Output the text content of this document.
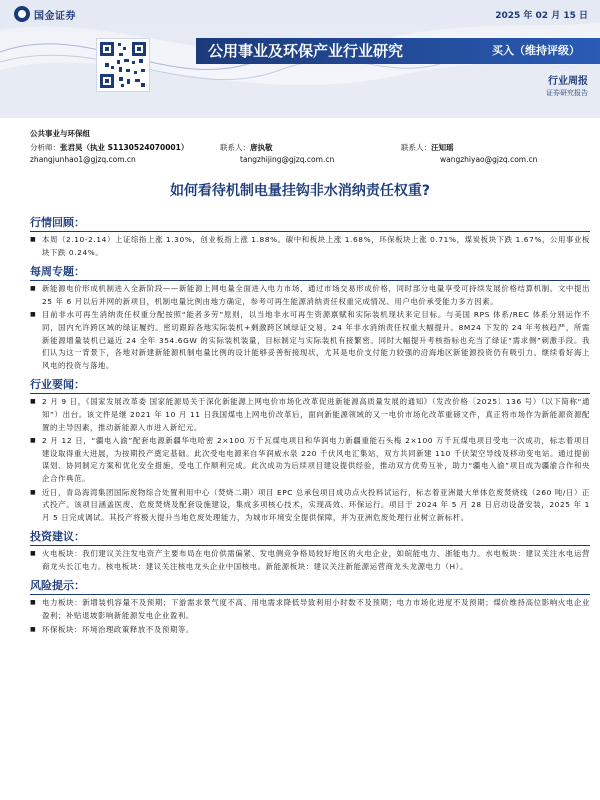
国金证券	2025 年 02 月 15 日
公用事业及环保产业行业研究	买入（维持评级）
行业周报
证券研究报告
公共事业与环保组
分析师：张君昊（执业 S1130524070001）	联系人：唐执敬	联系人：汪知瑶
zhangjunhao1@gjzq.com.cn	tangzhijing@gjzq.com.cn	wangzhiyao@gjzq.com.cn
如何看待机制电量挂钩非水消纳责任权重?
行情回顾：
■ 本周（2.10-2.14）上证综指上涨 1.30%，创业板指上涨 1.88%。碳中和板块上涨 1.68%，环保板块上涨 0.71%，煤炭板块下跌 1.67%，公用事业板块下跌 0.24%。
每周专题：
■ 新能源电价形成机制进入全新阶段——新能源上网电量全面进入电力市场、通过市场交易形成价格，同时部分电量享受可持续发展价格结算机制。文中提出 25 年 6 月以后并网的新项目，机制电量比例由地方确定，参考可再生能源消纳责任权重完成情况、用户电价承受能力多方因素。
■ 目前非水可再生消纳责任权重分配按照“能者多劳”原则，以当地非水可再生资源禀赋和实际装机现状来定目标。与美国 RPS 体系/REC 体系分别运作不同，国内允许跨区域的绿证履约。密切跟踪各地实际装机+剩激跨区域绿证交易，24 年非水消纳责任权重大幅提升。8M24 下发的 24 年考核趋严，所需新能源增量装机已逼近 24 全年 354.6GW 的实际装机装量，目标制定与实际装机有接繁密。同时大幅提升考核指标也充当了绿证“需求侧”刺激手段。我们认为这一背景下，各地对新建新能源机制电量比例的设计能够妥善衔接现状，尤其是电价支付能力较强的沿海地区新能源投资仍有吸引力。继续看好海上风电的投资与落地。
行业要闻：
■ 2 月 9 日，《国家发展改革委 国家能源局关于深化新能源上网电价市场化改革促进新能源高质量发展的通知》（发改价格〔2025〕136 号）（以下简称“通知”）出台。该文件是继 2021 年 10 月 11 日我国煤电上网电价改革后，面向新能源领域的又一电价市场化改革重磅文件，真正将市场作为新能源资源配置的主导因素，推动新能源入市进入新纪元。
■ 2 月 12 日，“疆电入渝”配套电源新疆华电哈密 2×100 万千瓦煤电项目和华润电力新疆重能石头梅 2×100 万千瓦煤电项目受电一次成功，标志着项目建设取得重大进展，为按期投产奠定基础。此次受电电源来自华润威水泉 220 千伏风电汇集站，双方共同新建 110 千伏架空导线及移动变电站。通过提前谋划、协同制定方案和优化安全措施，受电工作顺利完成。此次成功为后续项目建设提供经验，推动双方优势互补，助力“疆电入渝”项目成为疆渝合作和央企合作典范。
■ 近日，青岛海湾集团国际废物综合处置利用中心（焚烧二期）项目 EPC 总承包项目成功点火投料试运行，标志着亚洲最大单体危废焚烧线（260 吨/日）正式投产。该项目涵盖医废、危废焚烧及配套设施建设，集成多项核心技术，实现高效、环保运行。项目于 2024 年 5 月 28 日启动设备安装，2025 年 1 月 5 日完成调试。其投产将极大提升当地危废处理能力，为城市环境安全提供保障，并为亚洲危废处理行业树立新标杆。
投资建议：
■ 火电板块：我们建议关注发电资产主要布局在电价供需偏紧、发电侧竞争格局较好地区的火电企业，如皖能电力、浙能电力。水电板块：建议关注水电运营商龙头长江电力。核电板块：建议关注核电龙头企业中国核电。新能源板块：建议关注新能源运营商龙头龙源电力（H）。
风险提示：
■ 电力板块：新增装机容量不及预期；下游需求景气度不高、用电需求降低导致利用小时数不及预期；电力市场化进度不及预期；煤价维持高位影响火电企业盈利；补贴退坡影响新能源发电企业盈利。
■ 环保板块：环境治理政策释放不及预期等。
